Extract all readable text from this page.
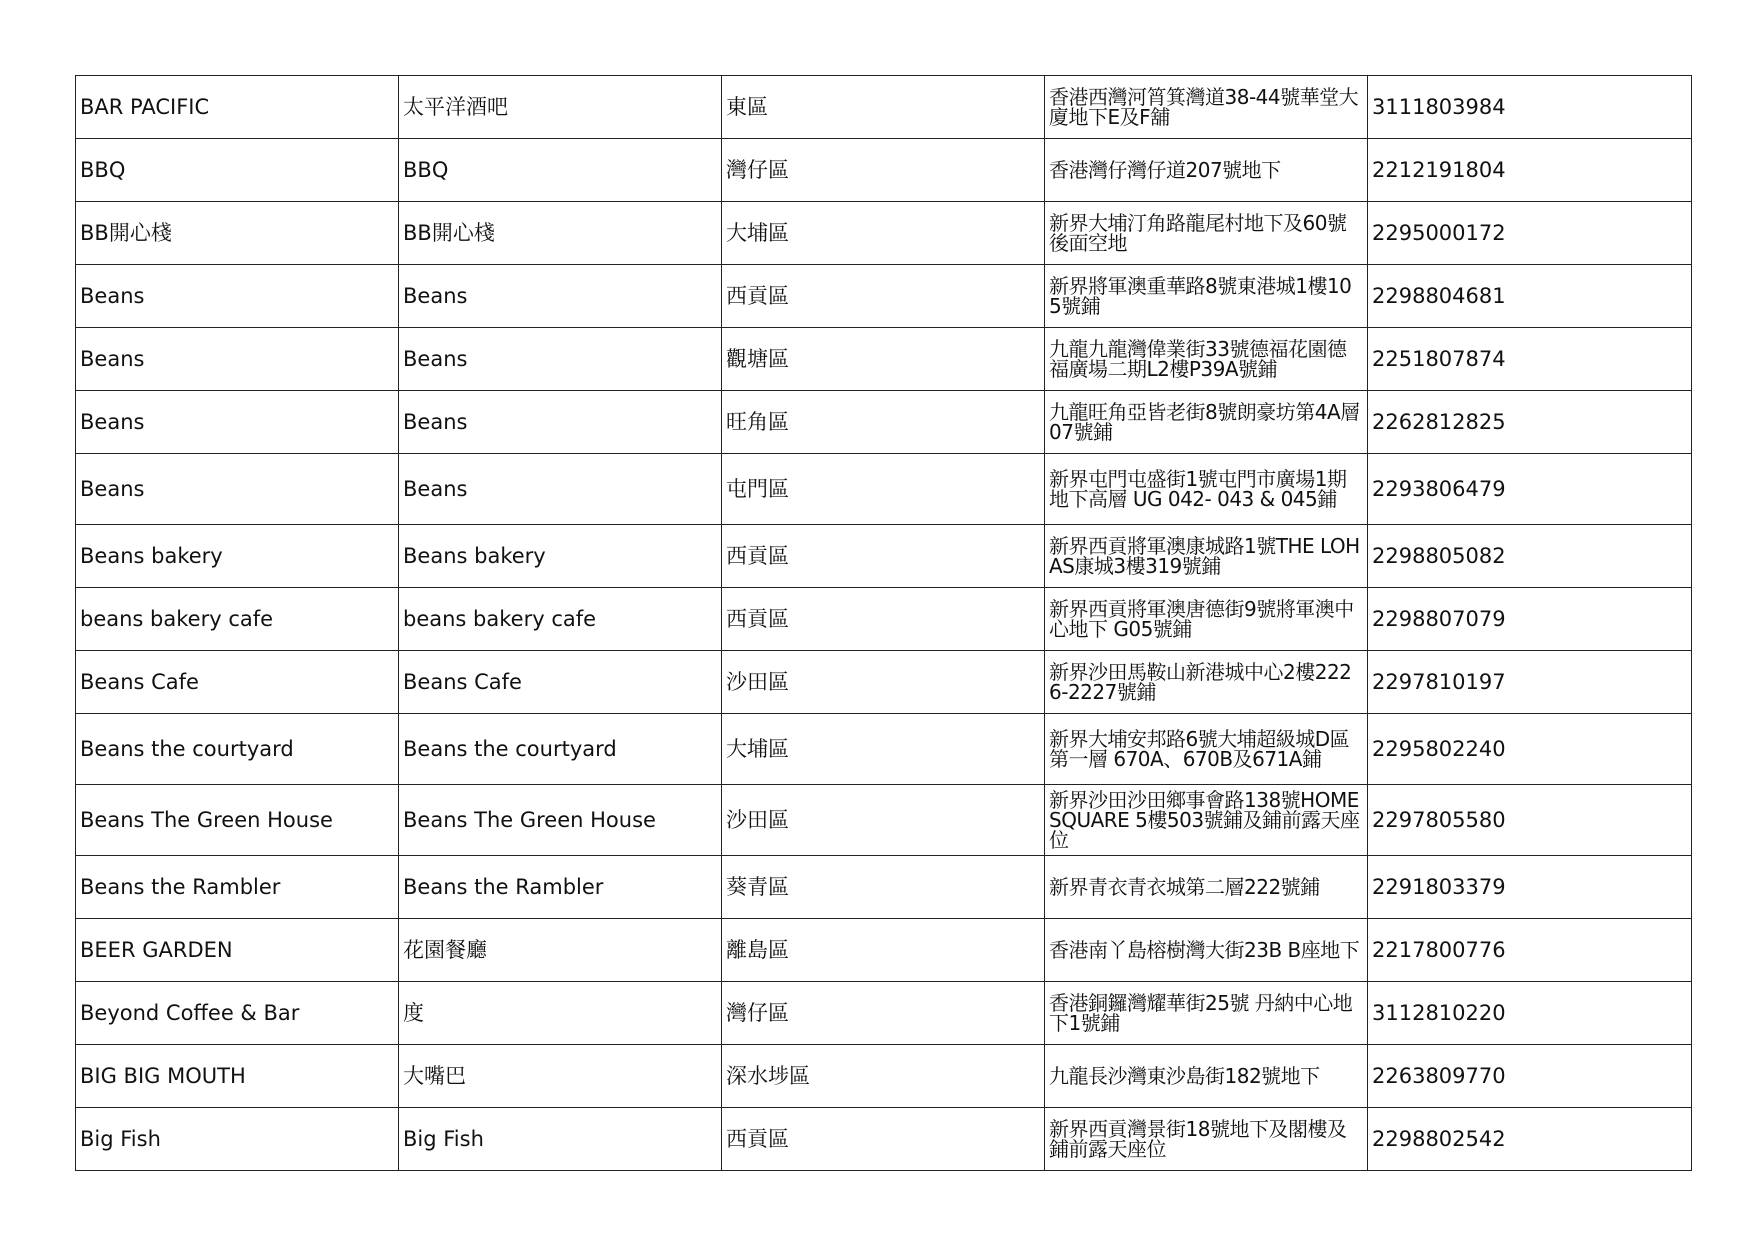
BAR PACIFIC	太平洋酒吧	東區	香港西灣河筲箕灣道38-44號華堂大廈地下E及F舖	3111803984
BBQ	BBQ	灣仔區	香港灣仔灣仔道207號地下	2212191804
BB開心棧	BB開心棧	大埔區	新界大埔汀角路龍尾村地下及60號後面空地	2295000172
Beans	Beans	西貢區	新界將軍澳重華路8號東港城1樓105號鋪	2298804681
Beans	Beans	觀塘區	九龍九龍灣偉業街33號德福花園德福廣場二期L2樓P39A號鋪	2251807874
Beans	Beans	旺角區	九龍旺角亞皆老街8號朗豪坊第4A層07號鋪	2262812825
Beans	Beans	屯門區	新界屯門屯盛街1號屯門市廣場1期地下高層 UG 042- 043 & 045鋪	2293806479
Beans bakery	Beans bakery	西貢區	新界西貢將軍澳康城路1號THE LOHAS康城3樓319號鋪	2298805082
beans bakery cafe	beans bakery cafe	西貢區	新界西貢將軍澳唐德街9號將軍澳中心地下 G05號鋪	2298807079
Beans Cafe	Beans Cafe	沙田區	新界沙田馬鞍山新港城中心2樓2226-2227號鋪	2297810197
Beans the courtyard	Beans the courtyard	大埔區	新界大埔安邦路6號大埔超級城D區第一層 670A、670B及671A鋪	2295802240
Beans The Green House	Beans The Green House	沙田區	新界沙田沙田鄉事會路138號HOME SQUARE 5樓503號鋪及鋪前露天座位	2297805580
Beans the Rambler	Beans the Rambler	葵青區	新界青衣青衣城第二層222號鋪	2291803379
BEER GARDEN	花園餐廳	離島區	香港南丫島榕樹灣大街23B B座地下	2217800776
Beyond Coffee & Bar	度	灣仔區	香港銅鑼灣耀華街25號 丹納中心地下1號鋪	3112810220
BIG BIG MOUTH	大嘴巴	深水埗區	九龍長沙灣東沙島街182號地下	2263809770
Big Fish	Big Fish	西貢區	新界西貢灣景街18號地下及閣樓及鋪前露天座位	2298802542
